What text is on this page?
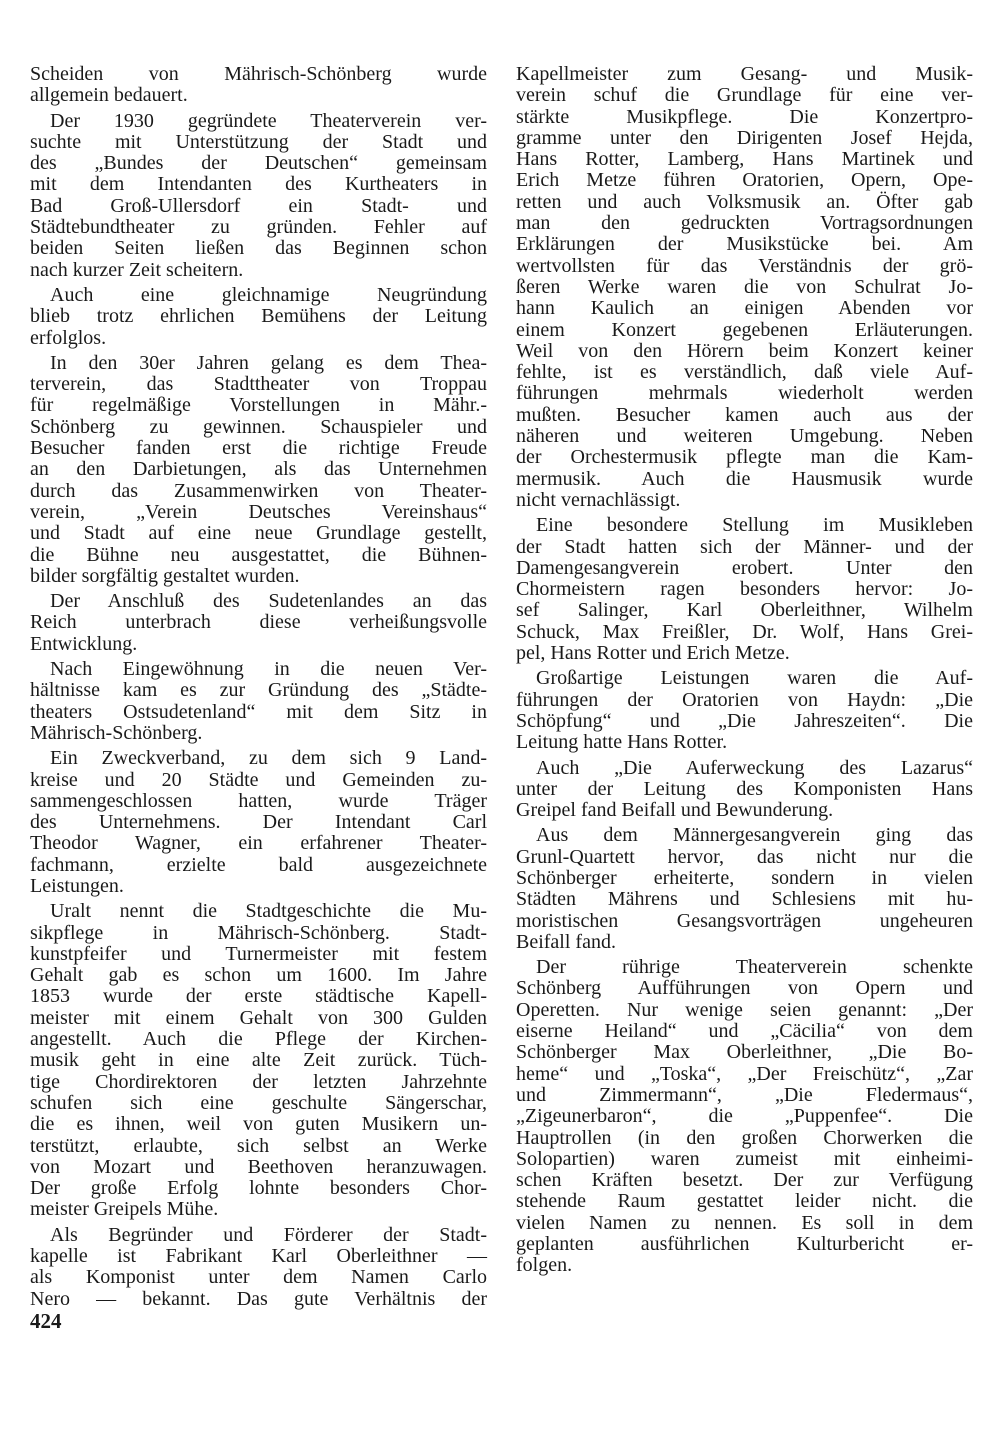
Scheiden von Mährisch-Schönberg wurde
allgemein bedauert.
Der 1930 gegründete Theaterverein ver-
suchte mit Unterstützung der Stadt und
des „Bundes der Deutschen“ gemeinsam
mit dem Intendanten des Kurtheaters in
Bad Groß-Ullersdorf ein Stadt- und
Städtebundtheater zu gründen. Fehler auf
beiden Seiten ließen das Beginnen schon
nach kurzer Zeit scheitern.
Auch eine gleichnamige Neugründung
blieb trotz ehrlichen Bemühens der Leitung
erfolglos.
In den 30er Jahren gelang es dem Thea-
terverein, das Stadttheater von Troppau
für regelmäßige Vorstellungen in Mähr.-
Schönberg zu gewinnen. Schauspieler und
Besucher fanden erst die richtige Freude
an den Darbietungen, als das Unternehmen
durch das Zusammenwirken von Theater-
verein, „Verein Deutsches Vereinshaus“
und Stadt auf eine neue Grundlage gestellt,
die Bühne neu ausgestattet, die Bühnen-
bilder sorgfältig gestaltet wurden.
Der Anschluß des Sudetenlandes an das
Reich unterbrach diese verheißungsvolle
Entwicklung.
Nach Eingewöhnung in die neuen Ver-
hältnisse kam es zur Gründung des „Städte-
theaters Ostsudetenland“ mit dem Sitz in
Mährisch-Schönberg.
Ein Zweckverband, zu dem sich 9 Land-
kreise und 20 Städte und Gemeinden zu-
sammengeschlossen hatten, wurde Träger
des Unternehmens. Der Intendant Carl
Theodor Wagner, ein erfahrener Theater-
fachmann, erzielte bald ausgezeichnete
Leistungen.
Uralt nennt die Stadtgeschichte die Mu-
sikpflege in Mährisch-Schönberg. Stadt-
kunstpfeifer und Turnermeister mit festem
Gehalt gab es schon um 1600. Im Jahre
1853 wurde der erste städtische Kapell-
meister mit einem Gehalt von 300 Gulden
angestellt. Auch die Pflege der Kirchen-
musik geht in eine alte Zeit zurück. Tüch-
tige Chordirektoren der letzten Jahrzehnte
schufen sich eine geschulte Sängerschar,
die es ihnen, weil von guten Musikern un-
terstützt, erlaubte, sich selbst an Werke
von Mozart und Beethoven heranzuwagen.
Der große Erfolg lohnte besonders Chor-
meister Greipels Mühe.
Als Begründer und Förderer der Stadt-
kapelle ist Fabrikant Karl Oberleithner —
als Komponist unter dem Namen Carlo
Nero — bekannt. Das gute Verhältnis der
Kapellmeister zum Gesang- und Musik-
verein schuf die Grundlage für eine ver-
stärkte Musikpflege. Die Konzertpro-
gramme unter den Dirigenten Josef Hejda,
Hans Rotter, Lamberg, Hans Martinek und
Erich Metze führen Oratorien, Opern, Ope-
retten und auch Volksmusik an. Öfter gab
man den gedruckten Vortragsordnungen
Erklärungen der Musikstücke bei. Am
wertvollsten für das Verständnis der grö-
ßeren Werke waren die von Schulrat Jo-
hann Kaulich an einigen Abenden vor
einem Konzert gegebenen Erläuterungen.
Weil von den Hörern beim Konzert keiner
fehlte, ist es verständlich, daß viele Auf-
führungen mehrmals wiederholt werden
mußten. Besucher kamen auch aus der
näheren und weiteren Umgebung. Neben
der Orchestermusik pflegte man die Kam-
mermusik. Auch die Hausmusik wurde
nicht vernachlässigt.
Eine besondere Stellung im Musikleben
der Stadt hatten sich der Männer- und der
Damengesangverein erobert. Unter den
Chormeistern ragen besonders hervor: Jo-
sef Salinger, Karl Oberleithner, Wilhelm
Schuck, Max Freißler, Dr. Wolf, Hans Grei-
pel, Hans Rotter und Erich Metze.
Großartige Leistungen waren die Auf-
führungen der Oratorien von Haydn: „Die
Schöpfung“ und „Die Jahreszeiten“. Die
Leitung hatte Hans Rotter.
Auch „Die Auferweckung des Lazarus“
unter der Leitung des Komponisten Hans
Greipel fand Beifall und Bewunderung.
Aus dem Männergesangverein ging das
Grunl-Quartett hervor, das nicht nur die
Schönberger erheiterte, sondern in vielen
Städten Mährens und Schlesiens mit hu-
moristischen Gesangsvorträgen ungeheuren
Beifall fand.
Der rührige Theaterverein schenkte
Schönberg Aufführungen von Opern und
Operetten. Nur wenige seien genannt: „Der
eiserne Heiland“ und „Cäcilia“ von dem
Schönberger Max Oberleithner, „Die Bo-
heme“ und „Toska“, „Der Freischütz“, „Zar
und Zimmermann“, „Die Fledermaus“,
„Zigeunerbaron“, die „Puppenfee“. Die
Hauptrollen (in den großen Chorwerken die
Solopartien) waren zumeist mit einheimi-
schen Kräften besetzt. Der zur Verfügung
stehende Raum gestattet leider nicht. die
vielen Namen zu nennen. Es soll in dem
geplanten ausführlichen Kulturbericht er-
folgen.
424
